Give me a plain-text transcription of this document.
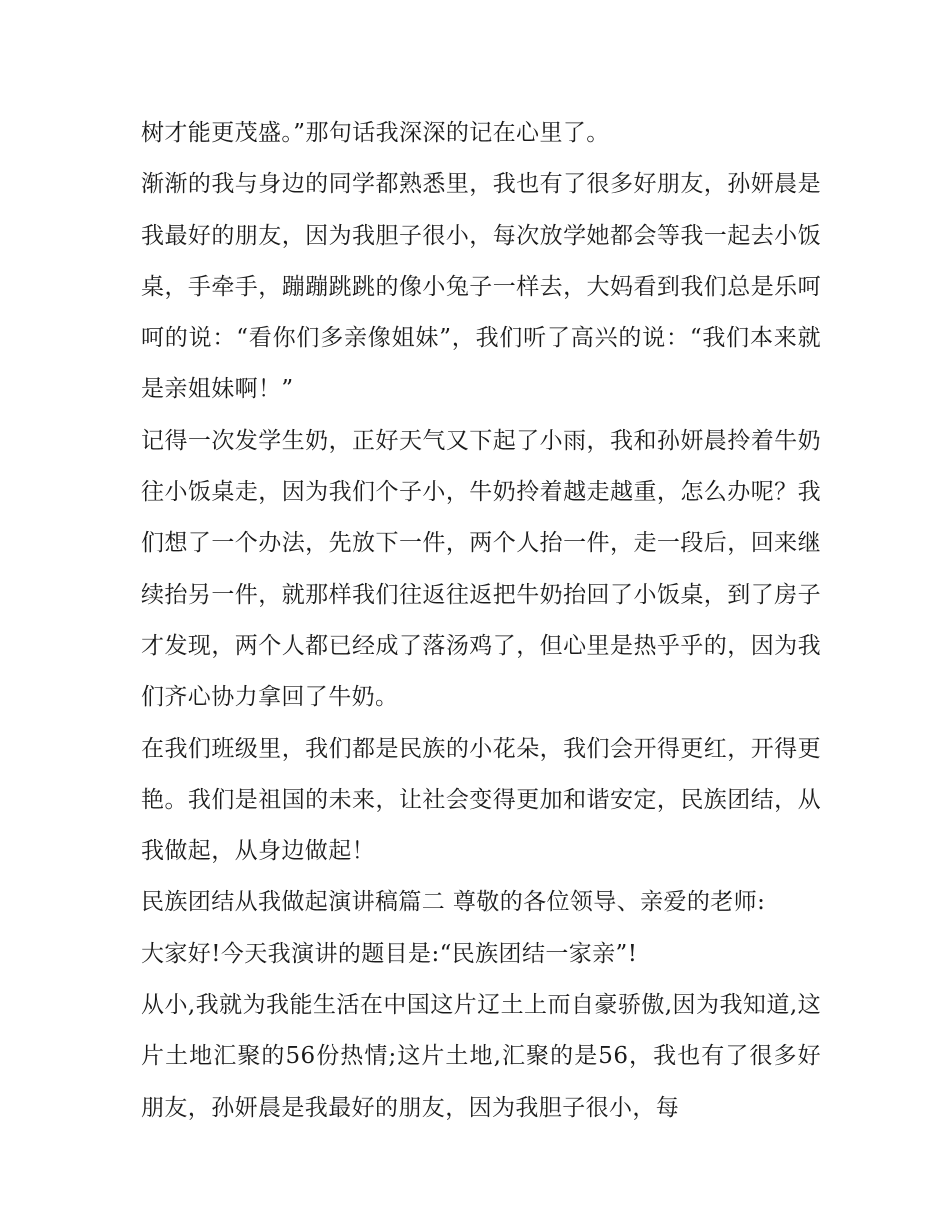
树才能更茂盛。”那句话我深深的记在心里了。

渐渐的我与身边的同学都熟悉里，我也有了很多好朋友，孙妍晨是我最好的朋友，因为我胆子很小，每次放学她都会等我一起去小饭桌，手牵手，蹦蹦跳跳的像小兔子一样去，大妈看到我们总是乐呵呵的说：“看你们多亲像姐妹”，我们听了高兴的说：“我们本来就是亲姐妹啊！”

记得一次发学生奶，正好天气又下起了小雨，我和孙妍晨拎着牛奶往小饭桌走，因为我们个子小，牛奶拎着越走越重，怎么办呢？我们想了一个办法，先放下一件，两个人抬一件，走一段后，回来继续抬另一件，就那样我们往返往返把牛奶抬回了小饭桌，到了房子才发现，两个人都已经成了落汤鸡了，但心里是热乎乎的，因为我们齐心协力拿回了牛奶。

在我们班级里，我们都是民族的小花朵，我们会开得更红，开得更艳。我们是祖国的未来，让社会变得更加和谐安定，民族团结，从我做起，从身边做起！

民族团结从我做起演讲稿篇二 尊敬的各位领导、亲爱的老师:

大家好!今天我演讲的题目是:“民族团结一家亲”!

从小,我就为我能生活在中国这片辽土上而自豪骄傲,因为我知道,这片土地汇聚的56份热情;这片土地,汇聚的是56，我也有了很多好朋友，孙妍晨是我最好的朋友，因为我胆子很小，每
